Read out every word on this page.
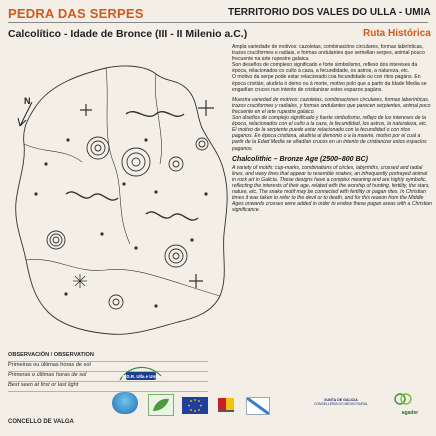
PEDRA DAS SERPES	TERRITORIO DOS VALES DO ULLA - UMIA
Calcolítico - Idade de Bronce (III - II Milenio a.C.)	Ruta Histórica
N

Ampla variedade de motivos: cazoletas, combinacións circulares, formas labirínticas, trazos cruciformes e radiais, e formas ondulantes que semellan serpes, animal pouco frecuente na arte rupestre galaica.

Son deseños de complexo significado e forte simbolismo, reflexo dos intereses da época, relacionados co culto á caza, a fecundidade, os astros, a natureza, etc.

O motivo da serpe pode estar relacionado coa fecundidade ou con ritos pagáns. En época cristián, aludiría ó demo ou á morte, motivo polo que a partir da Idade Media se engadían cruces nun intento de cristianizar estes espazos pagáns.

Muestra variedad de motivos: cazoletas, combinaciones circulares, formas laberínticas, trazos cruciformes y radiales, y formas ondulantes que parecen serpientes, animal poco frecuente en el arte rupestre galaico.

Son diseños de complejo significado y fuerte simbolismo, reflejo de los intereses de la época, relacionados con el culto a la caza, la fecundidad, los astros, la naturaleza, etc.

El motivo de la serpiente puede estar relacionado con la fecundidad o con ritos paganos. En época cristiana, aludiría al demonio o a la muerte, motivo por el cual a partir de la Edad Media se añadían cruces en un intento de cristianizar estos espacios paganos.

Chalcolithic – Bronze Age (2500–800 BC)

A variety of motifs: cup-marks, combinations of circles, labyrinths, crossed and radial lines, and wavy lines that appear to resemble snakes, an infrequently portrayed animal in rock art in Galicia. These designs have a complex meaning and are highly symbolic, reflecting the interests of their age, related with the worship of hunting, fertility, the stars, nature, etc. The snake motif may be connected with fertility or pagan rites. In Christian times it was taken to refer to the devil or to death, and for this reason from the Middle Ages onwards crosses were added in order to endow these pagan areas with a Christian significance.

OBSERVACIÓN / OBSERVATION
Primeiras ou últimas horas de sol
Primeras o últimas horas de sol
Best seen at first or last light
CONCELLO DE VALGA
A.D.R. Ulla e Umia
XUNTA DE GALICIA
CONSELLERÍA DO MEDIO RURAL
agader
